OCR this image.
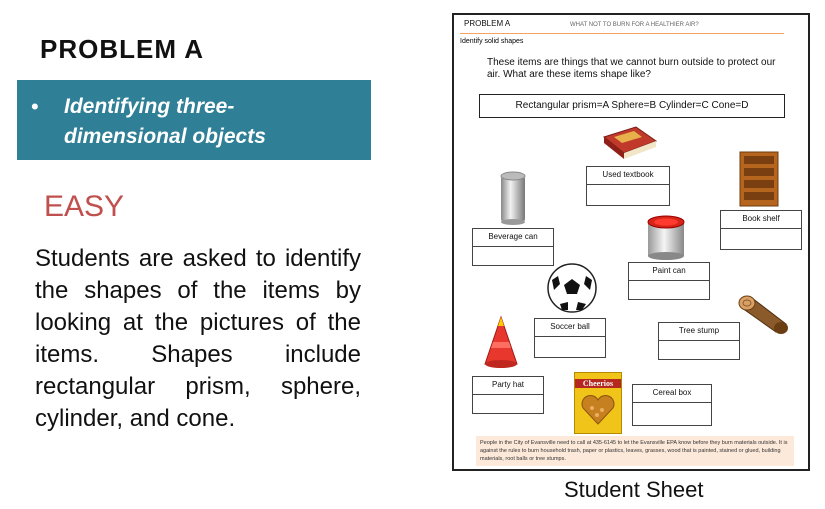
PROBLEM A
• Identifying three-dimensional objects
EASY
Students are asked to identify the shapes of the items by looking at the pictures of the items. Shapes include rectangular prism, sphere, cylinder, and cone.
PROBLEM A	WHAT NOT TO BURN FOR A HEALTHIER AIR?
Identify solid shapes
These items are things that we cannot burn outside to protect our air. What are these items shape like?
Rectangular prism=A Sphere=B Cylinder=C Cone=D
Used textbook
Book shelf
Beverage can
Paint can
Soccer ball	Tree stump
Party hat	Cheerios
Cereal box
People in the City of Evansville need to call at 435-6145 to let the Evansville EPA know before they burn materials outside. It is against the rules to burn household trash, paper or plastics, leaves, grasses, wood that is painted, stained or glued, building materials, root balls or tree stumps.
Student Sheet
